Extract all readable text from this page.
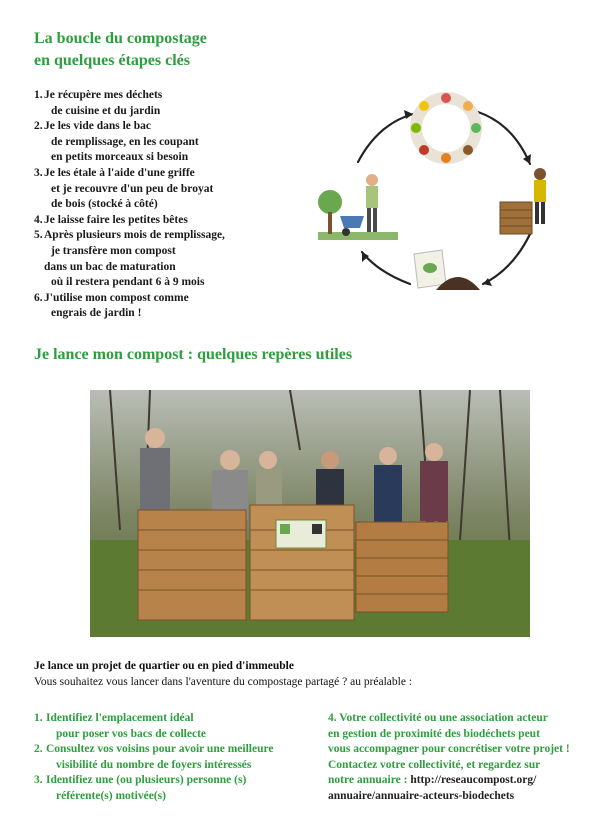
La boucle du compostage
en quelques étapes clés
1. Je récupère mes déchets
de cuisine et du jardin
2. Je les vide dans le bac
de remplissage, en les coupant
en petits morceaux si besoin
3. Je les étale à l'aide d'une griffe
et je recouvre d'un peu de broyat
de bois (stocké à côté)
4. Je laisse faire les petites bêtes
5. Après plusieurs mois de remplissage,
je transfère mon compost
dans un bac de maturation
où il restera pendant 6 à 9 mois
6. J'utilise mon compost comme
engrais de jardin !
Je lance mon compost : quelques repères utiles

Je lance un projet de quartier ou en pied d'immeuble

Vous souhaitez vous lancer dans l'aventure du compostage partagé ? au préalable :

1. Identifiez l'emplacement idéal
pour poser vos bacs de collecte
2. Consultez vos voisins pour avoir une meilleure
visibilité du nombre de foyers intéressés
3. Identifiez une (ou plusieurs) personne (s)
référente(s) motivée(s)
4. Votre collectivité ou une association acteur
en gestion de proximité des biodéchets peut
vous accompagner pour concrétiser votre projet !
Contactez votre collectivité, et regardez sur
notre annuaire : http://reseaucompost.org/
annuaire/annuaire-acteurs-biodechets
